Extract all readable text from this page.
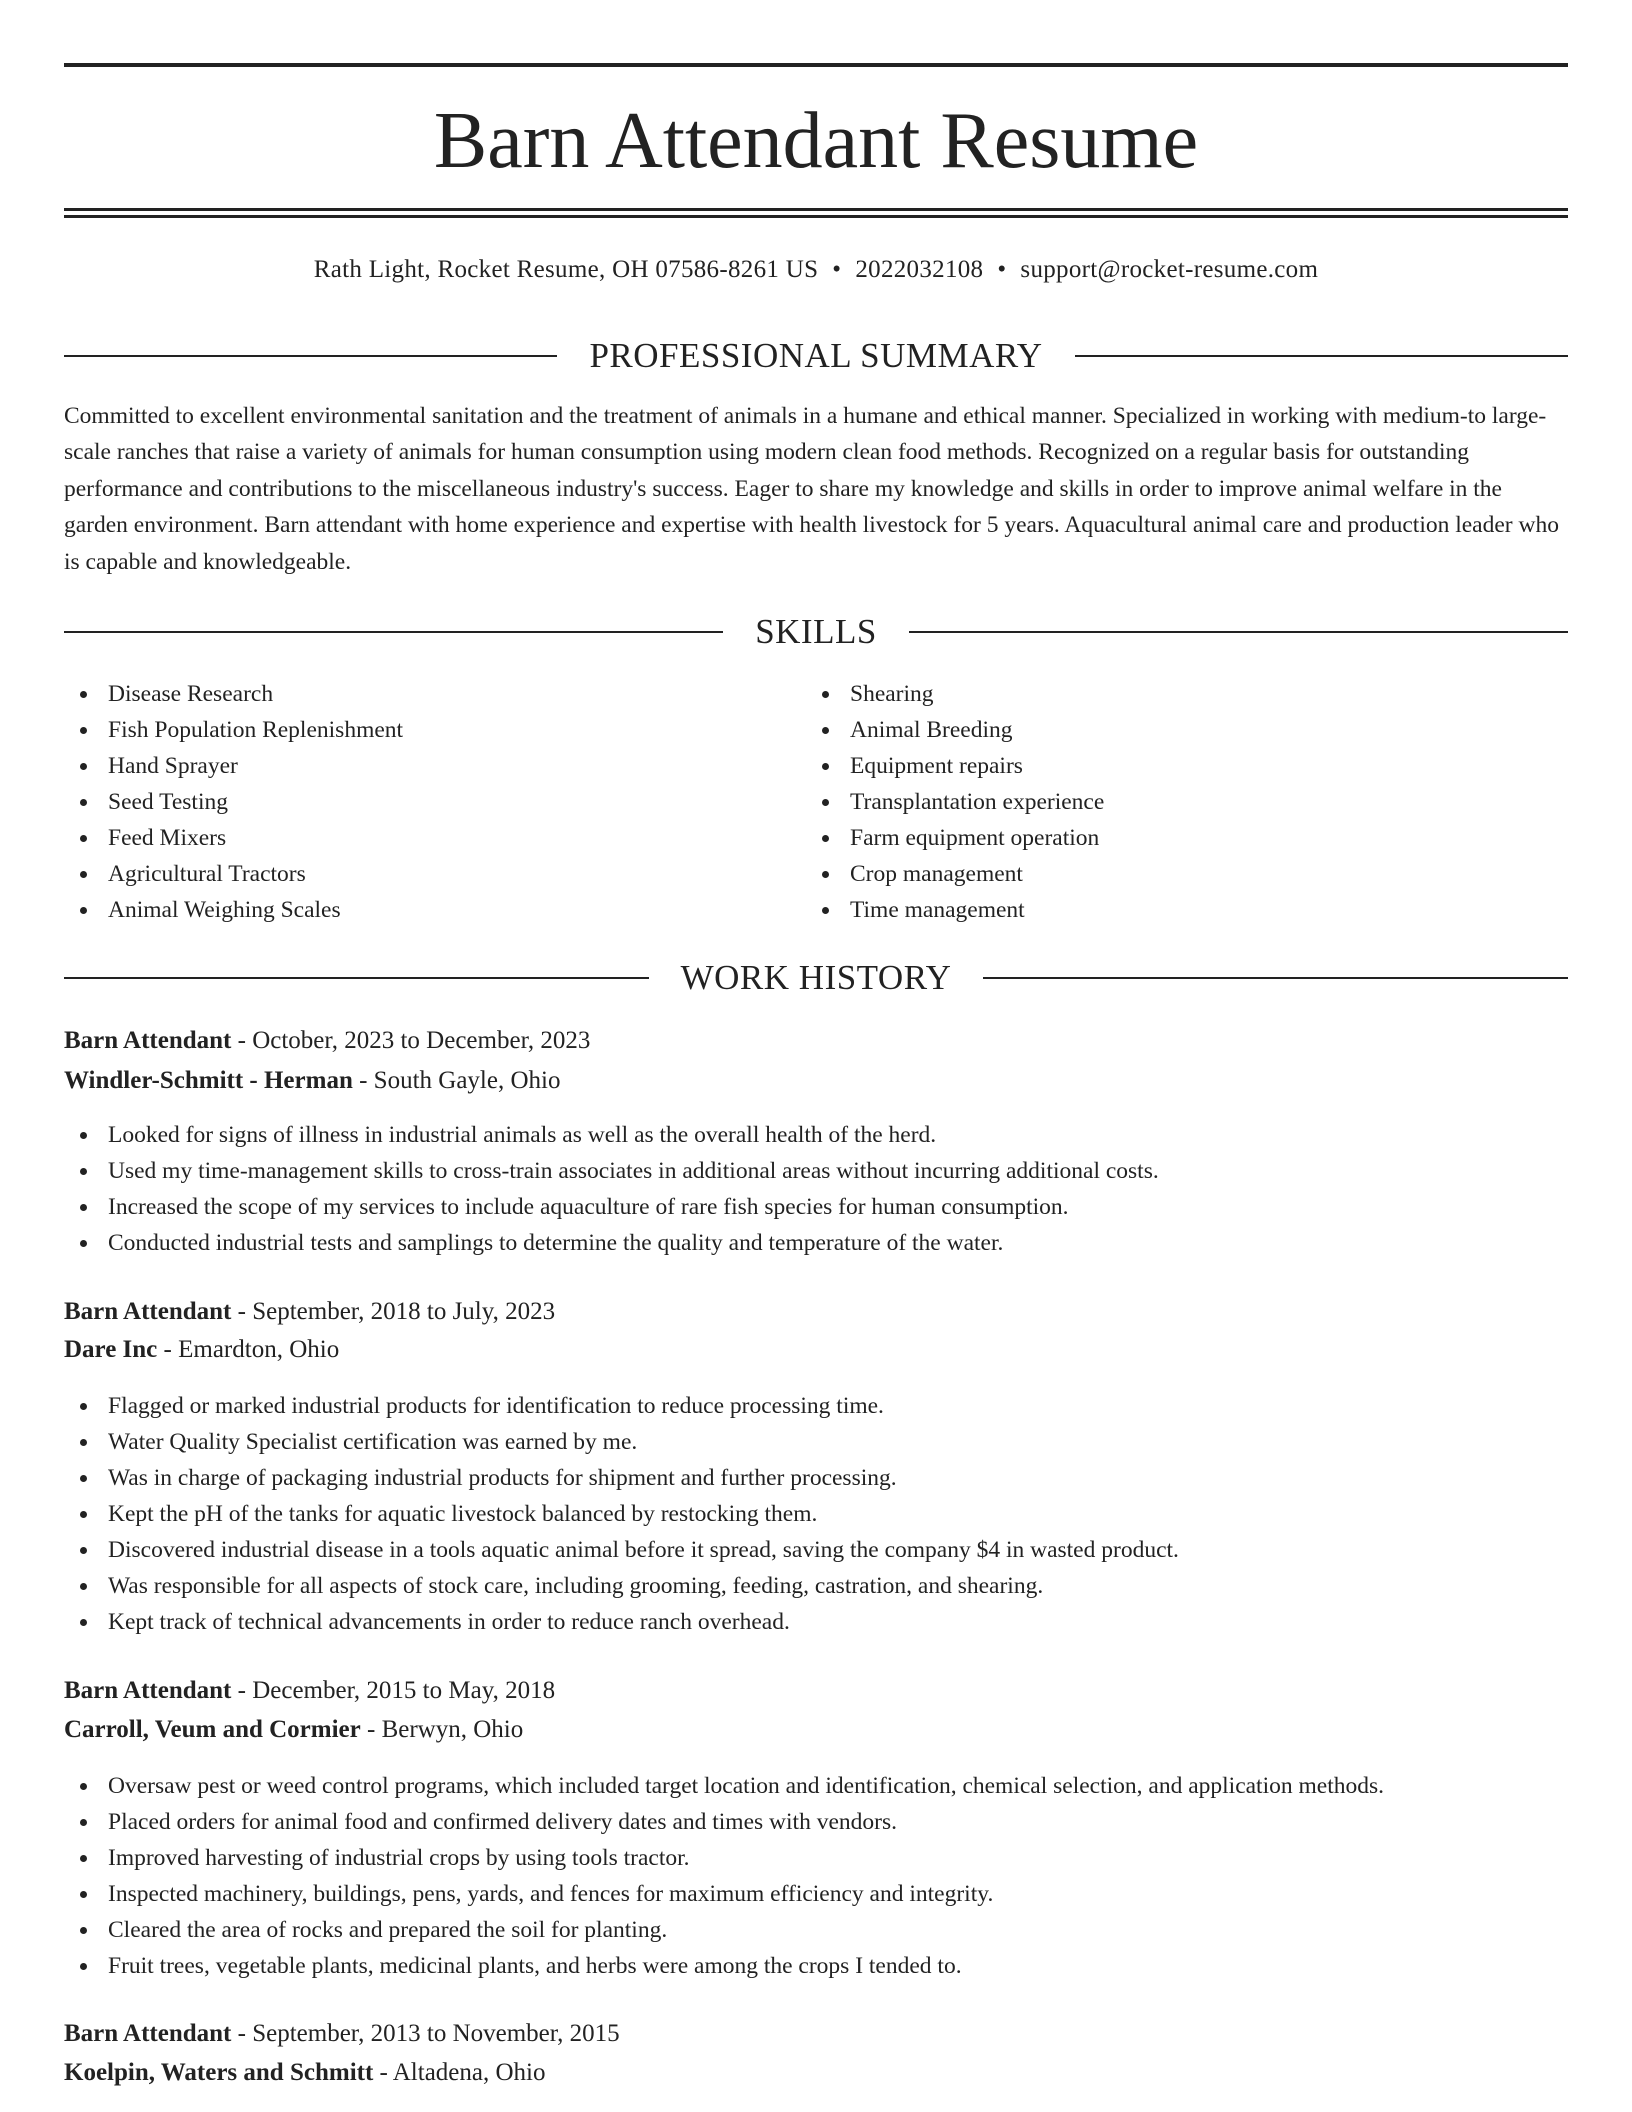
Barn Attendant Resume
Rath Light, Rocket Resume, OH 07586-8261 US • 2022032108 • support@rocket-resume.com
PROFESSIONAL SUMMARY

Committed to excellent environmental sanitation and the treatment of animals in a humane and ethical manner. Specialized in working with medium-to large-scale ranches that raise a variety of animals for human consumption using modern clean food methods. Recognized on a regular basis for outstanding performance and contributions to the miscellaneous industry's success. Eager to share my knowledge and skills in order to improve animal welfare in the garden environment. Barn attendant with home experience and expertise with health livestock for 5 years. Aquacultural animal care and production leader who is capable and knowledgeable.

SKILLS
Disease Research
Fish Population Replenishment
Hand Sprayer
Seed Testing
Feed Mixers
Agricultural Tractors
Animal Weighing Scales
Shearing
Animal Breeding
Equipment repairs
Transplantation experience
Farm equipment operation
Crop management
Time management
WORK HISTORY
Barn Attendant - October, 2023 to December, 2023
Windler-Schmitt - Herman - South Gayle, Ohio
Looked for signs of illness in industrial animals as well as the overall health of the herd.
Used my time-management skills to cross-train associates in additional areas without incurring additional costs.
Increased the scope of my services to include aquaculture of rare fish species for human consumption.
Conducted industrial tests and samplings to determine the quality and temperature of the water.
Barn Attendant - September, 2018 to July, 2023
Dare Inc - Emardton, Ohio
Flagged or marked industrial products for identification to reduce processing time.
Water Quality Specialist certification was earned by me.
Was in charge of packaging industrial products for shipment and further processing.
Kept the pH of the tanks for aquatic livestock balanced by restocking them.
Discovered industrial disease in a tools aquatic animal before it spread, saving the company $4 in wasted product.
Was responsible for all aspects of stock care, including grooming, feeding, castration, and shearing.
Kept track of technical advancements in order to reduce ranch overhead.
Barn Attendant - December, 2015 to May, 2018
Carroll, Veum and Cormier - Berwyn, Ohio
Oversaw pest or weed control programs, which included target location and identification, chemical selection, and application methods.
Placed orders for animal food and confirmed delivery dates and times with vendors.
Improved harvesting of industrial crops by using tools tractor.
Inspected machinery, buildings, pens, yards, and fences for maximum efficiency and integrity.
Cleared the area of rocks and prepared the soil for planting.
Fruit trees, vegetable plants, medicinal plants, and herbs were among the crops I tended to.
Barn Attendant - September, 2013 to November, 2015
Koelpin, Waters and Schmitt - Altadena, Ohio
